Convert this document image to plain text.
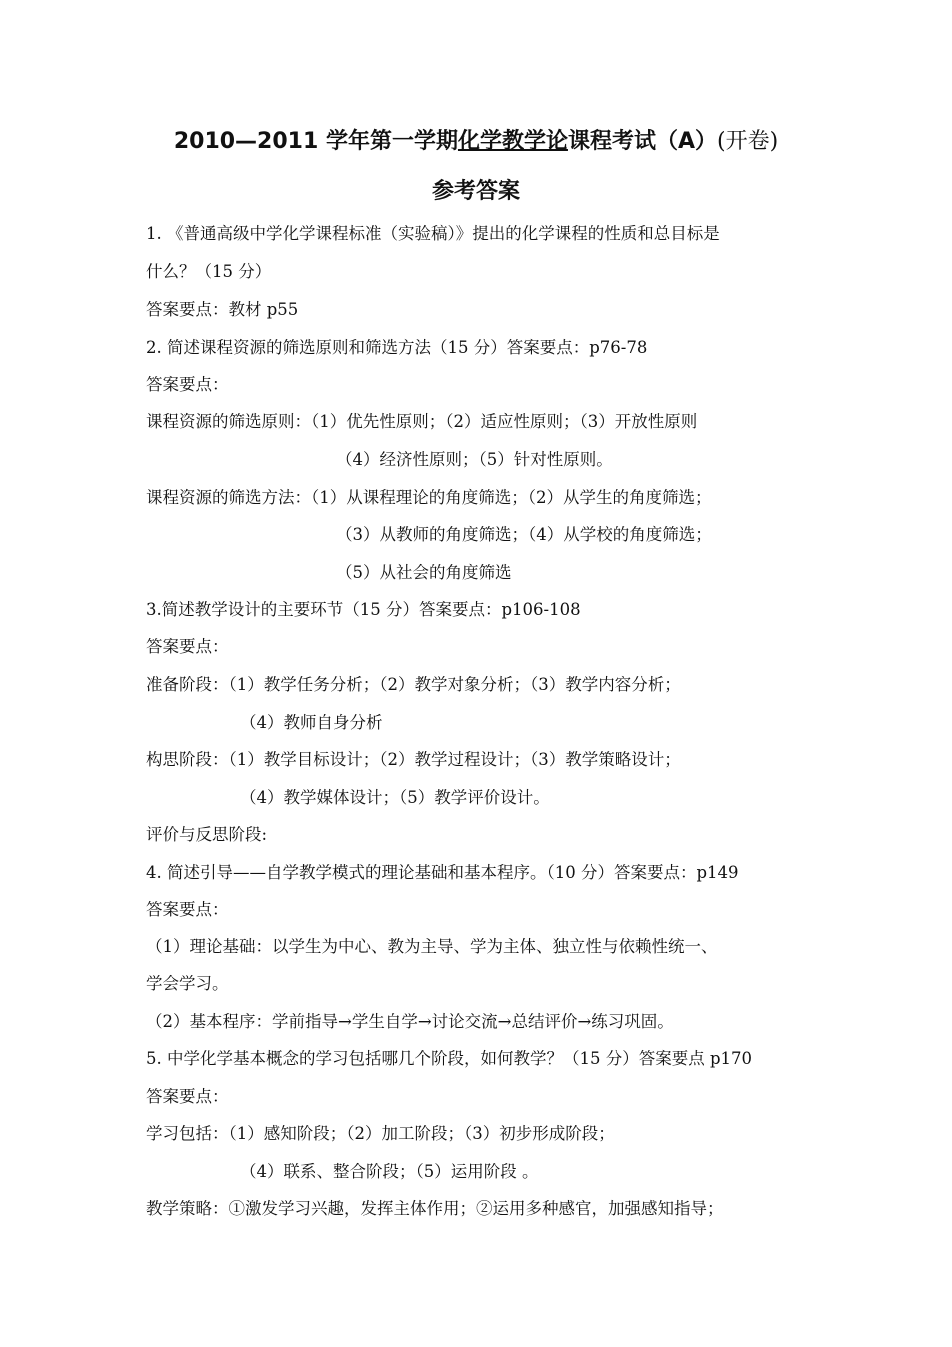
2010—2011 学年第一学期化学教学论课程考试（A）(开卷)
参考答案
1. 《普通高级中学化学课程标准（实验稿）》提出的化学课程的性质和总目标是
什么？（15 分）
答案要点：教材 p55
2. 简述课程资源的筛选原则和筛选方法（15 分）答案要点：p76-78
答案要点：
课程资源的筛选原则：（1）优先性原则；（2）适应性原则；（3）开放性原则
（4）经济性原则；（5）针对性原则。
课程资源的筛选方法：（1）从课程理论的角度筛选；（2）从学生的角度筛选；
（3）从教师的角度筛选；（4）从学校的角度筛选；
（5）从社会的角度筛选
3.简述教学设计的主要环节（15 分）答案要点：p106-108
答案要点：
准备阶段：（1）教学任务分析；（2）教学对象分析；（3）教学内容分析；
（4）教师自身分析
构思阶段：（1）教学目标设计；（2）教学过程设计；（3）教学策略设计；
（4）教学媒体设计；（5）教学评价设计。
评价与反思阶段:
4. 简述引导——自学教学模式的理论基础和基本程序。（10 分）答案要点：p149
答案要点：
（1）理论基础：以学生为中心、教为主导、学为主体、独立性与依赖性统一、
学会学习。
（2）基本程序：学前指导→学生自学→讨论交流→总结评价→练习巩固。
5. 中学化学基本概念的学习包括哪几个阶段，如何教学？（15 分）答案要点 p170
答案要点：
学习包括：（1）感知阶段；（2）加工阶段；（3）初步形成阶段；
（4）联系、整合阶段；（5）运用阶段 。
教学策略：①激发学习兴趣，发挥主体作用；②运用多种感官，加强感知指导；
